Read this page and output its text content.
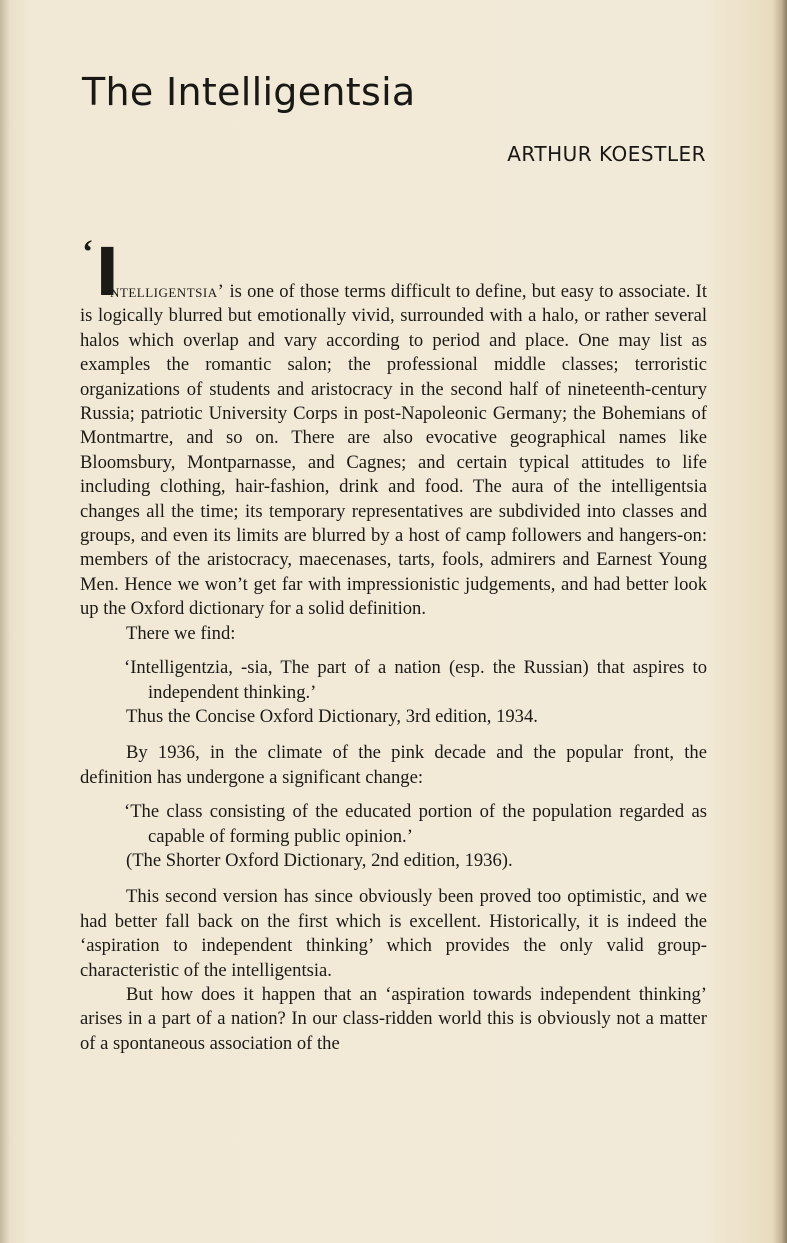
The Intelligentsia
ARTHUR KOESTLER
‘ I

ntelligentsia’ is one of those terms difficult to define, but easy to associate. It is logically blurred but emotionally vivid, surrounded with a halo, or rather several halos which overlap and vary according to period and place. One may list as examples the romantic salon; the professional middle classes; terroristic organizations of students and aristocracy in the second half of nineteenth-century Russia; patriotic University Corps in post-Napoleonic Germany; the Bohemians of Montmartre, and so on. There are also evocative geographical names like Bloomsbury, Montparnasse, and Cagnes; and certain typical attitudes to life including clothing, hair-fashion, drink and food. The aura of the intelligentsia changes all the time; its temporary representatives are subdivided into classes and groups, and even its limits are blurred by a host of camp followers and hangers-on: members of the aristocracy, maecenases, tarts, fools, admirers and Earnest Young Men. Hence we won’t get far with impressionistic judgements, and had better look up the Oxford dictionary for a solid definition.

There we find:

‘Intelligentzia, -sia, The part of a nation (esp. the Russian) that aspires to independent thinking.’

Thus the Concise Oxford Dictionary, 3rd edition, 1934.

By 1936, in the climate of the pink decade and the popular front, the definition has undergone a significant change:

‘The class consisting of the educated portion of the population regarded as capable of forming public opinion.’

(The Shorter Oxford Dictionary, 2nd edition, 1936).

This second version has since obviously been proved too optimistic, and we had better fall back on the first which is excellent. Historically, it is indeed the ‘aspiration to independent thinking’ which provides the only valid group-characteristic of the intelligentsia.

But how does it happen that an ‘aspiration towards independent thinking’ arises in a part of a nation? In our class-ridden world this is obviously not a matter of a spontaneous association of the
